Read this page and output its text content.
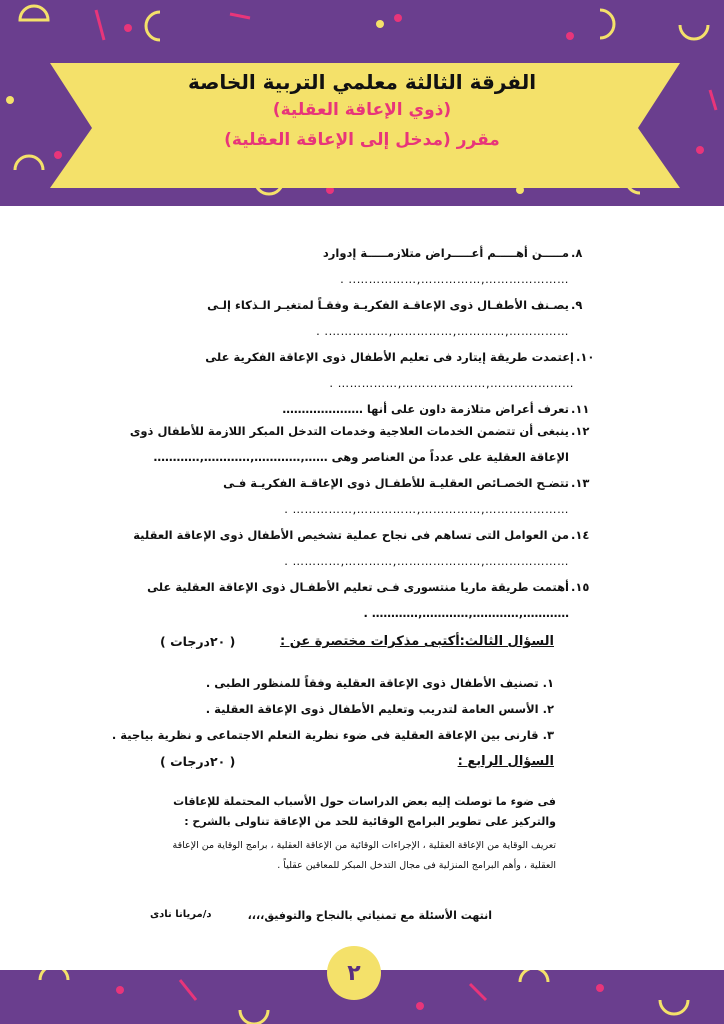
الفرقة الثالثة معلمي التربية الخاصة
(ذوي الإعاقة العقلية)
مقرر (مدخل إلى الإعاقة العقلية)
٨.
مـــــن أهـــــم أعـــــراض متلازمـــــة إدوارد
…………………‚……………‚…………….. .
٩.
يصـنف الأطفـال ذوى الإعاقـة الفكريـة وفقـاً لمتغيـر الـذكاء إلـى
……………‚…………‚……………‚……………. .
١٠.
إعتمدت طريقة إيتارد فى تعليم الأطفال ذوى الإعاقة الفكرية على
…………………‚…………………‚…………… .
١١.
تعرف أعراض متلازمة داون على أنها …………………
١٢.
ينبغى أن تتضمن الخدمات العلاجية وخدمات التدخل المبكر اللازمة للأطفال ذوى الإعاقة العقلية على عدداً من العناصر وهى ……‚…………‚…………‚…………
١٣.
تتضـح الخصـائص العقليـة للأطفـال ذوى الإعاقـة الفكريـة فـى
…………………‚……………‚……………‚…………… .
١٤.
من العوامل التى تساهم فى نجاح عملية تشخيص الأطفال ذوى الإعاقة العقلية
…………………‚…………………‚…………‚………… .
١٥.
أهتمت طريقة ماريا منتسورى فـى تعليم الأطفـال ذوى الإعاقة العقلية على …………‚…………‚…………‚………… .
السؤال الثالث:أكتبى مذكرات مختصرة عن :
( ٢٠درجات )
١. تصنيف الأطفال ذوى الإعاقة العقلية وفقاً للمنظور الطبى .
٢. الأسس العامة لتدريب وتعليم الأطفال ذوى الإعاقة العقلية .
٣. قارنى بين الإعاقة العقلية فى ضوء نظرية التعلم الاجتماعى و نظرية بياجية .
السؤال الرابع :
( ٢٠درجات )
فى ضوء ما توصلت إليه بعض الدراسات حول الأسباب المحتملة للإعاقات والتركيز على تطوير البرامج الوقائية للحد من الإعاقة تناولى بالشرح :
تعريف الوقاية من الإعاقة العقلية ، الإجراءات الوقائية من الإعاقة العقلية ، برامج الوقاية من الإعاقة العقلية ، وأهم البرامج المنزلية فى مجال التدخل المبكر للمعاقين عقلياً .
انتهت الأسئلة مع تمنياتي بالنجاح والتوفيق،،،،
د/مريانا نادى
٢
